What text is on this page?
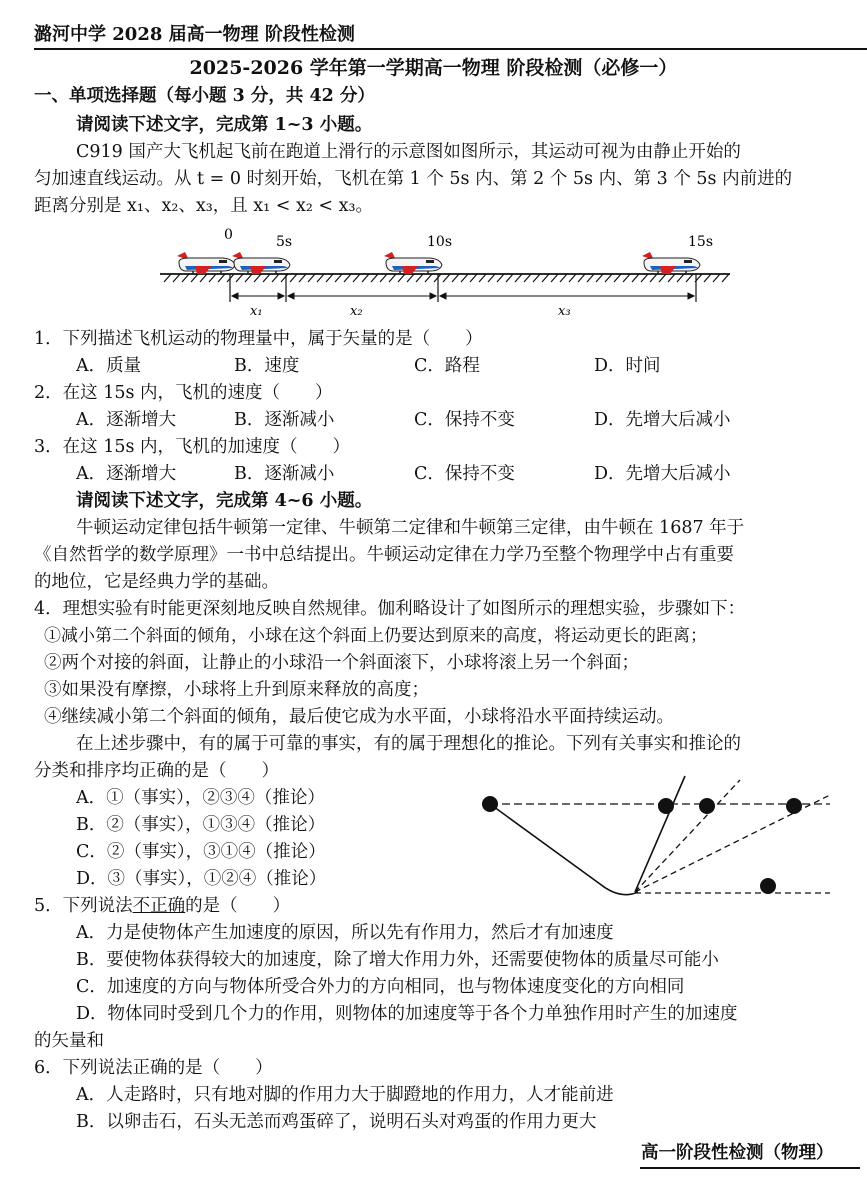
潞河中学 2028 届高一物理 阶段性检测
2025-2026 学年第一学期高一物理 阶段检测（必修一）
一、单项选择题（每小题 3 分，共 42 分）
请阅读下述文字，完成第 1~3 小题。
C919 国产大飞机起飞前在跑道上滑行的示意图如图所示，其运动可视为由静止开始的
匀加速直线运动。从 t = 0 时刻开始，飞机在第 1 个 5s 内、第 2 个 5s 内、第 3 个 5s 内前进的
距离分别是 x₁、x₂、x₃，且 x₁ < x₂ < x₃。
0	5s	10s	15s
x₁	x₂	x₃
1．下列描述飞机运动的物理量中，属于矢量的是（　　）
A．质量	B．速度	C．路程	D．时间
2．在这 15s 内，飞机的速度（　　）
A．逐渐增大	B．逐渐减小	C．保持不变	D．先增大后减小
3．在这 15s 内，飞机的加速度（　　）
A．逐渐增大	B．逐渐减小	C．保持不变	D．先增大后减小
请阅读下述文字，完成第 4~6 小题。
牛顿运动定律包括牛顿第一定律、牛顿第二定律和牛顿第三定律，由牛顿在 1687 年于
《自然哲学的数学原理》一书中总结提出。牛顿运动定律在力学乃至整个物理学中占有重要
的地位，它是经典力学的基础。
4．理想实验有时能更深刻地反映自然规律。伽利略设计了如图所示的理想实验，步骤如下：
①减小第二个斜面的倾角，小球在这个斜面上仍要达到原来的高度，将运动更长的距离；
②两个对接的斜面，让静止的小球沿一个斜面滚下，小球将滚上另一个斜面；
③如果没有摩擦，小球将上升到原来释放的高度；
④继续减小第二个斜面的倾角，最后使它成为水平面，小球将沿水平面持续运动。
在上述步骤中，有的属于可靠的事实，有的属于理想化的推论。下列有关事实和推论的
分类和排序均正确的是（　　）
A．①（事实），②③④（推论）
B．②（事实），①③④（推论）
C．②（事实），③①④（推论）
D．③（事实），①②④（推论）
5．下列说法不正确的是（　　）
A．力是使物体产生加速度的原因，所以先有作用力，然后才有加速度
B．要使物体获得较大的加速度，除了增大作用力外，还需要使物体的质量尽可能小
C．加速度的方向与物体所受合外力的方向相同，也与物体速度变化的方向相同
D．物体同时受到几个力的作用，则物体的加速度等于各个力单独作用时产生的加速度
的矢量和
6．下列说法正确的是（　　）
A．人走路时，只有地对脚的作用力大于脚蹬地的作用力，人才能前进
B．以卵击石，石头无恙而鸡蛋碎了，说明石头对鸡蛋的作用力更大
高一阶段性检测（物理）
